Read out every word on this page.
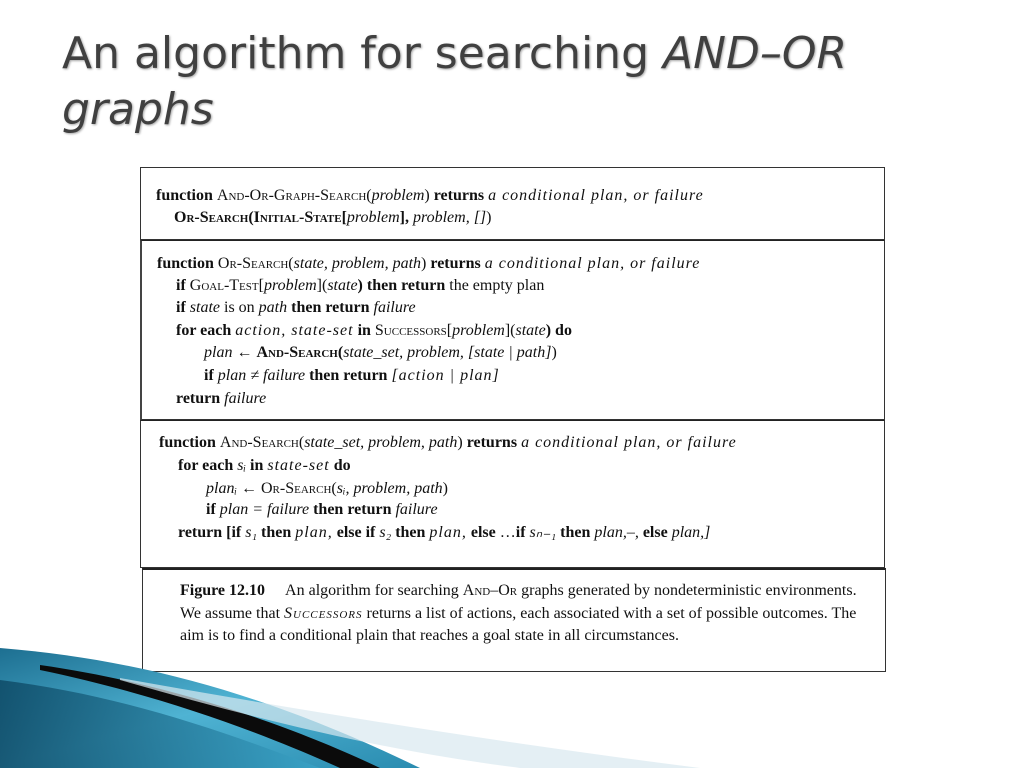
An algorithm for searching AND–OR graphs
function And-Or-Graph-Search(problem) returns a conditional plan, or failure
Or-Search(Initial-State[problem], problem, [])
function Or-Search(state, problem, path) returns a conditional plan, or failure
if Goal-Test[problem](state) then return the empty plan
if state is on path then return failure
for each action, state-set in Successors[problem](state) do
plan ← And-Search(state_set, problem, [state | path])
if plan ≠ failure then return [action | plan]
return failure
function And-Search(state_set, problem, path) returns a conditional plan, or failure
for each sᵢ in state-set do
planᵢ ← Or-Search(sᵢ, problem, path)
if plan = failure then return failure
return [if s₁ then plan, else if s₂ then plan, else …if sₙ₋₁ then plan,–, else plan,]

Figure 12.10 An algorithm for searching And–Or graphs generated by nondeterministic environments. We assume that Successors returns a list of actions, each associated with a set of possible outcomes. The aim is to find a conditional plain that reaches a goal state in all circumstances.
